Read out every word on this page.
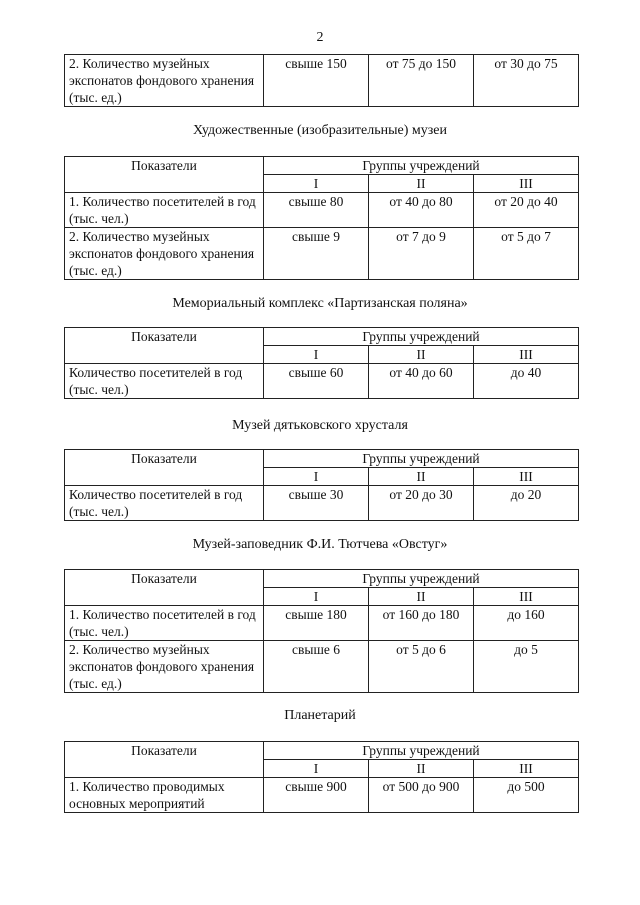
2
2. Количество музейных экспонатов фондового хранения (тыс. ед.)	свыше 150	от 75 до 150	от 30 до 75
Художественные (изобразительные) музеи
Показатели	Группы учреждений		
	I	II	III
1. Количество посетителей в год (тыс. чел.)	свыше 80	от 40 до 80	от 20 до 40
2. Количество музейных экспонатов фондового хранения (тыс. ед.)	свыше 9	от 7 до 9	от 5 до 7
Мемориальный комплекс «Партизанская поляна»
Показатели	Группы учреждений		
	I	II	III
Количество посетителей в год (тыс. чел.)	свыше 60	от 40 до 60	до 40
Музей дятьковского хрусталя
Показатели	Группы учреждений		
	I	II	III
Количество посетителей в год (тыс. чел.)	свыше 30	от 20 до 30	до 20
Музей-заповедник Ф.И. Тютчева «Овстуг»
Показатели	Группы учреждений		
	I	II	III
1. Количество посетителей в год (тыс. чел.)	свыше 180	от 160 до 180	до 160
2. Количество музейных экспонатов фондового хранения (тыс. ед.)	свыше 6	от 5 до 6	до 5
Планетарий
Показатели	Группы учреждений		
	I	II	III
1. Количество проводимых основных мероприятий	свыше 900	от 500 до 900	до 500
